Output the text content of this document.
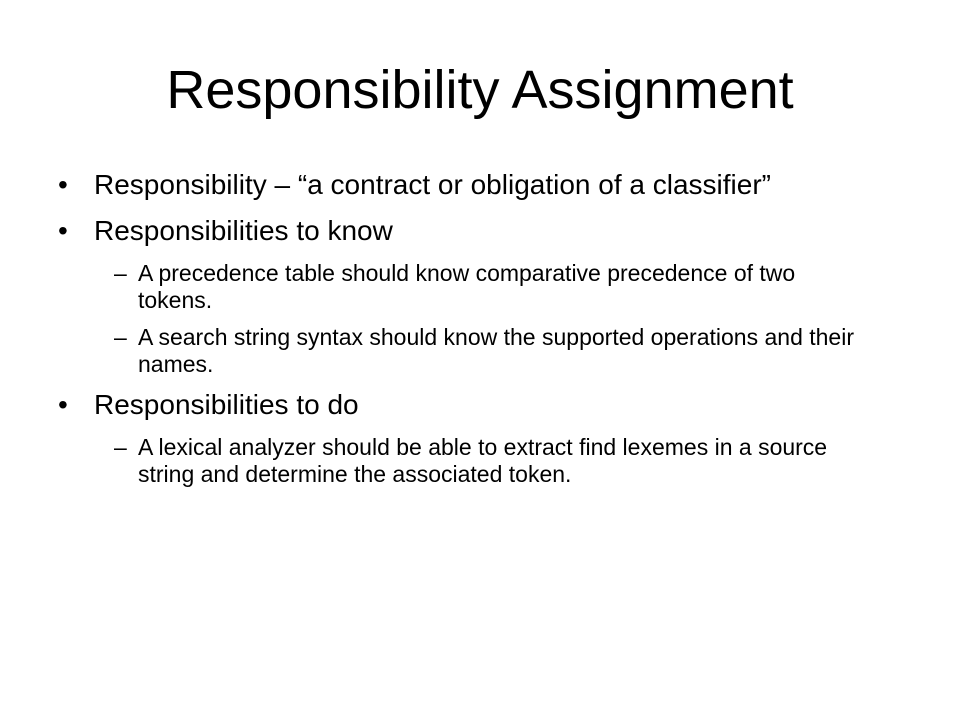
Responsibility Assignment
• Responsibility – “a contract or obligation of a classifier”
• Responsibilities to know
– A precedence table should know comparative precedence of two tokens.
– A search string syntax should know the supported operations and their names.
• Responsibilities to do
– A lexical analyzer should be able to extract find lexemes in a source string and determine the associated token.
